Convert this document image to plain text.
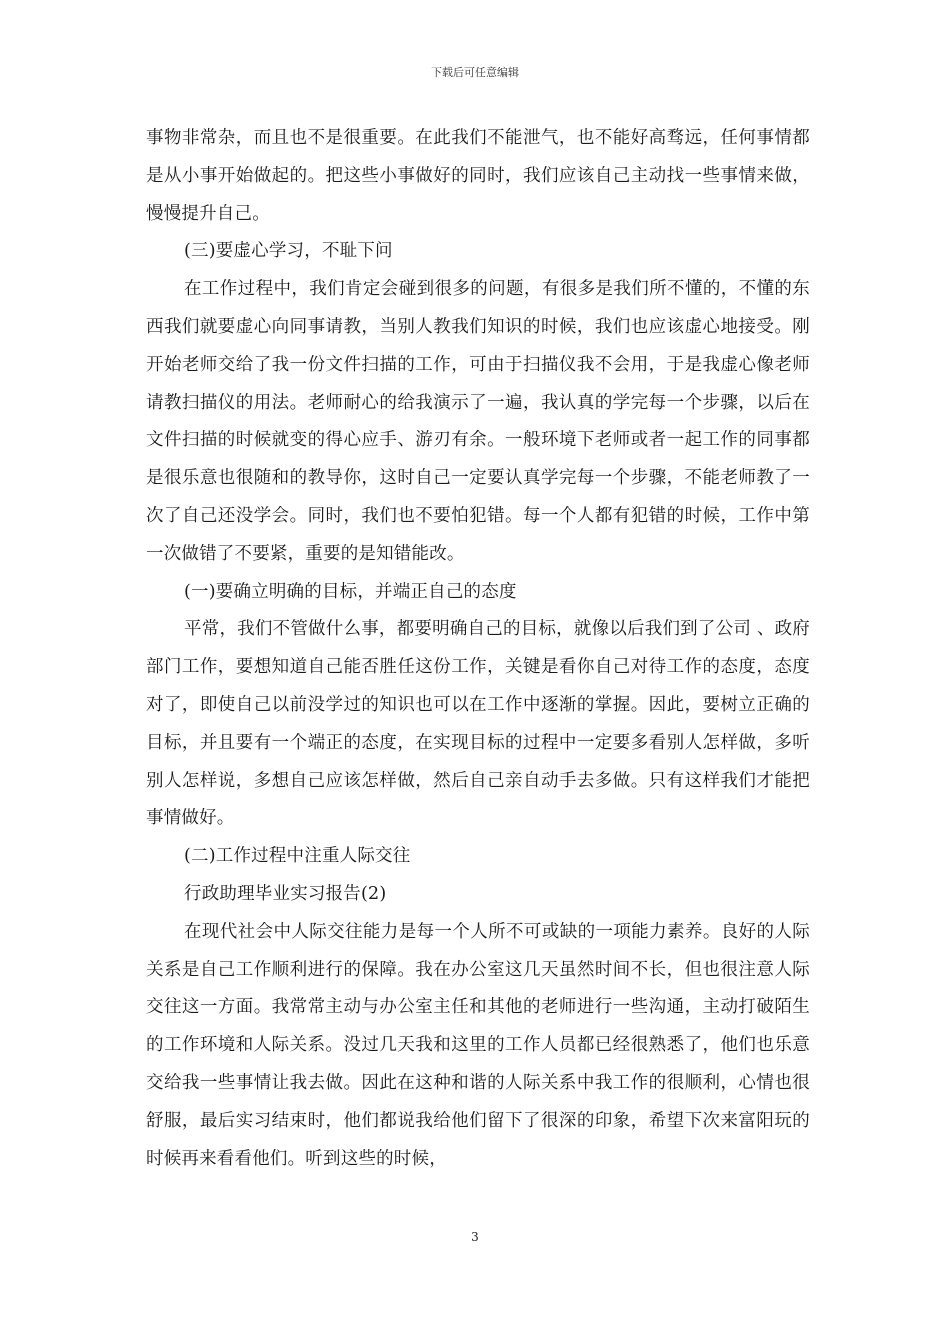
下载后可任意编辑

事物非常杂，而且也不是很重要。在此我们不能泄气，也不能好高骛远，任何事情都是从小事开始做起的。把这些小事做好的同时，我们应该自己主动找一些事情来做，慢慢提升自己。

(三)要虚心学习，不耻下问

在工作过程中，我们肯定会碰到很多的问题，有很多是我们所不懂的，不懂的东西我们就要虚心向同事请教，当别人教我们知识的时候，我们也应该虚心地接受。刚开始老师交给了我一份文件扫描的工作，可由于扫描仪我不会用，于是我虚心像老师请教扫描仪的用法。老师耐心的给我演示了一遍，我认真的学完每一个步骤，以后在文件扫描的时候就变的得心应手、游刃有余。一般环境下老师或者一起工作的同事都是很乐意也很随和的教导你，这时自己一定要认真学完每一个步骤，不能老师教了一次了自己还没学会。同时，我们也不要怕犯错。每一个人都有犯错的时候，工作中第一次做错了不要紧，重要的是知错能改。

(一)要确立明确的目标，并端正自己的态度

平常，我们不管做什么事，都要明确自己的目标，就像以后我们到了公司 、政府部门工作，要想知道自己能否胜任这份工作，关键是看你自己对待工作的态度，态度对了，即使自己以前没学过的知识也可以在工作中逐渐的掌握。因此，要树立正确的目标，并且要有一个端正的态度，在实现目标的过程中一定要多看别人怎样做，多听别人怎样说，多想自己应该怎样做，然后自己亲自动手去多做。只有这样我们才能把事情做好。

(二)工作过程中注重人际交往

行政助理毕业实习报告(2)

在现代社会中人际交往能力是每一个人所不可或缺的一项能力素养。良好的人际关系是自己工作顺利进行的保障。我在办公室这几天虽然时间不长，但也很注意人际交往这一方面。我常常主动与办公室主任和其他的老师进行一些沟通，主动打破陌生的工作环境和人际关系。没过几天我和这里的工作人员都已经很熟悉了，他们也乐意交给我一些事情让我去做。因此在这种和谐的人际关系中我工作的很顺利，心情也很舒服，最后实习结束时，他们都说我给他们留下了很深的印象，希望下次来富阳玩的时候再来看看他们。听到这些的时候，

3
